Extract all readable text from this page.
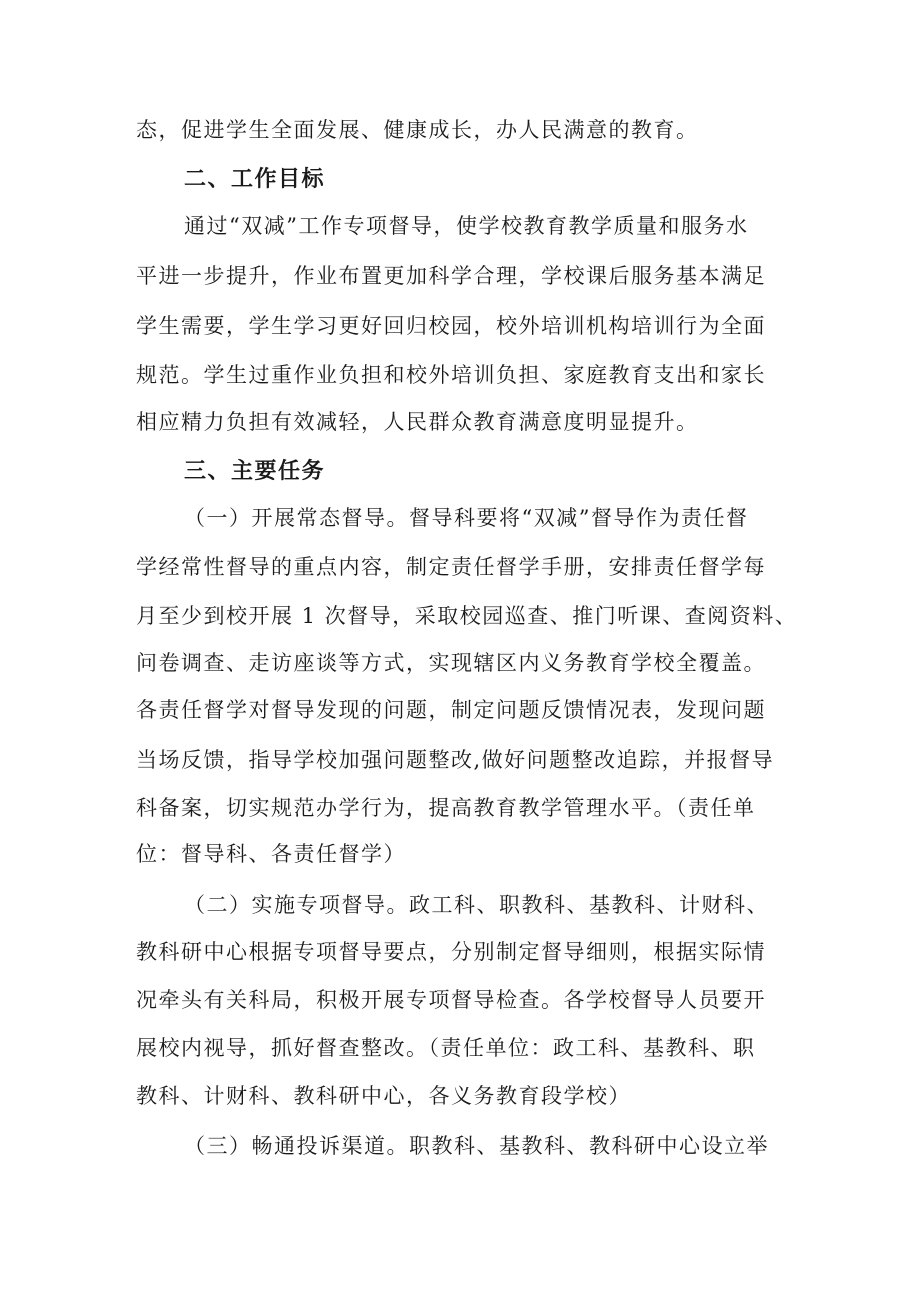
态，促进学生全面发展、健康成长，办人民满意的教育。
二、工作目标
通过“双减”工作专项督导，使学校教育教学质量和服务水
平进一步提升，作业布置更加科学合理，学校课后服务基本满足
学生需要，学生学习更好回归校园，校外培训机构培训行为全面
规范。学生过重作业负担和校外培训负担、家庭教育支出和家长
相应精力负担有效减轻，人民群众教育满意度明显提升。
三、主要任务
（一）开展常态督导。督导科要将“双减”督导作为责任督
学经常性督导的重点内容，制定责任督学手册，安排责任督学每
月至少到校开展 1 次督导，采取校园巡查、推门听课、查阅资料、
问卷调查、走访座谈等方式，实现辖区内义务教育学校全覆盖。
各责任督学对督导发现的问题，制定问题反馈情况表，发现问题
当场反馈，指导学校加强问题整改,做好问题整改追踪，并报督导
科备案，切实规范办学行为，提高教育教学管理水平。（责任单
位：督导科、各责任督学）
（二）实施专项督导。政工科、职教科、基教科、计财科、
教科研中心根据专项督导要点，分别制定督导细则，根据实际情
况牵头有关科局，积极开展专项督导检查。各学校督导人员要开
展校内视导，抓好督查整改。（责任单位：政工科、基教科、职
教科、计财科、教科研中心，各义务教育段学校）
（三）畅通投诉渠道。职教科、基教科、教科研中心设立举
